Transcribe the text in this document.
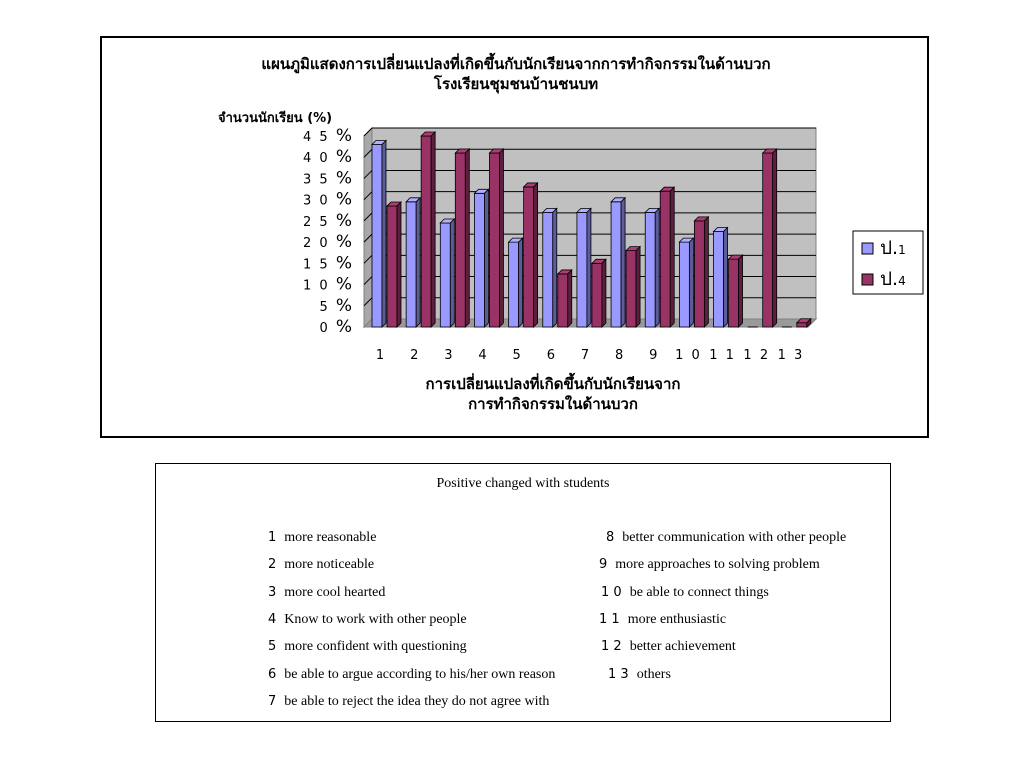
แผนภูมิแสดงการเปลี่ยนแปลงที่เกิดขึ้นกับนักเรียนจากการทำกิจกรรมในด้านบวก
โรงเรียนชุมชนบ้านชนบท
จำนวนนักเรียน (%)
0 %
5 %
1 0 %
1 5 %
2 0 %
2 5 %
3 0 %
3 5 %
4 0 %
4 5 %
1 2 3 4 5 6 7 8 9 1 0 1 1 1 2 1 3
การเปลี่ยนแปลงที่เกิดขึ้นกับนักเรียนจาก
การทำกิจกรรมในด้านบวก
ป.1
ป.4
Positive changed with students
1 more reasonable
2 more noticeable
3 more cool hearted
4 Know to work with other people
5 more confident with questioning
6 be able to argue according to his/her own reason
7 be able to reject the idea they do not agree with
8 better communication with other people
9 more approaches to solving problem
1 0 be able to connect things
1 1 more enthusiastic
1 2 better achievement
1 3 others
